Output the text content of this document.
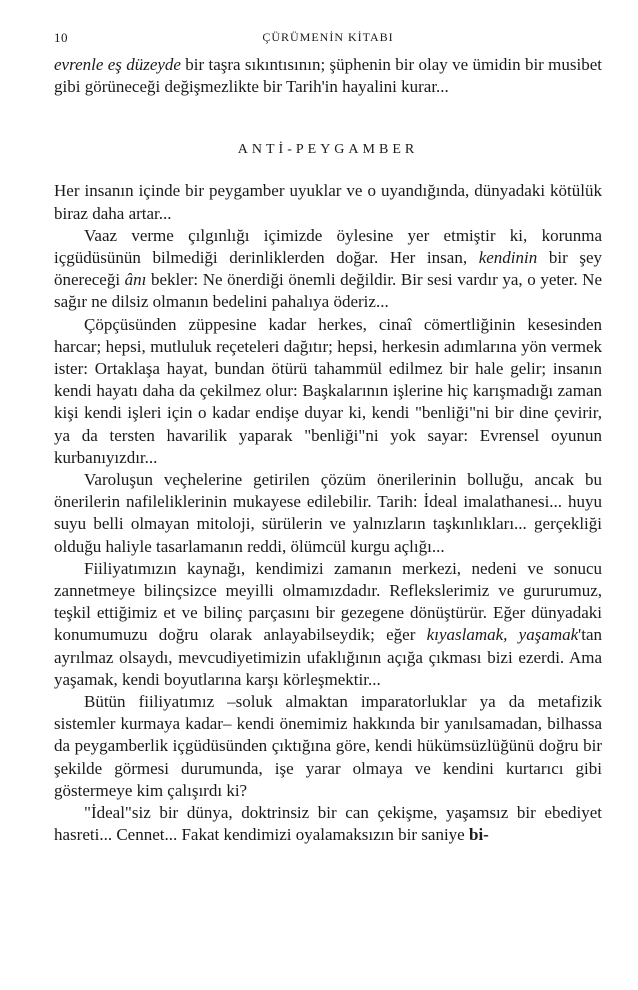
10	ÇÜRÜMENİN KİTABI

evrenle eş düzeyde bir taşra sıkıntısının; şüphenin bir olay ve ümidin bir musibet gibi görüneceği değişmezlikte bir Tarih'in hayalini kurar...

ANTİ-PEYGAMBER

Her insanın içinde bir peygamber uyuklar ve o uyandığında, dünyadaki kötülük biraz daha artar...

Vaaz verme çılgınlığı içimizde öylesine yer etmiştir ki, korunma içgüdüsünün bilmediği derinliklerden doğar. Her insan, kendinin bir şey önereceği ânı bekler: Ne önerdiği önemli değildir. Bir sesi vardır ya, o yeter. Ne sağır ne dilsiz olmanın bedelini pahalıya öderiz...

Çöpçüsünden züppesine kadar herkes, cinaî cömertliğinin kesesinden harcar; hepsi, mutluluk reçeteleri dağıtır; hepsi, herkesin adımlarına yön vermek ister: Ortaklaşa hayat, bundan ötürü tahammül edilmez bir hale gelir; insanın kendi hayatı daha da çekilmez olur: Başkalarının işlerine hiç karışmadığı zaman kişi kendi işleri için o kadar endişe duyar ki, kendi "benliği"ni bir dine çevirir, ya da tersten havarilik yaparak "benliği"ni yok sayar: Evrensel oyunun kurbanıyızdır...

Varoluşun veçhelerine getirilen çözüm önerilerinin bolluğu, ancak bu önerilerin nafileliklerinin mukayese edilebilir. Tarih: İdeal imalathanesi... huyu suyu belli olmayan mitoloji, sürülerin ve yalnızların taşkınlıkları... gerçekliği olduğu haliyle tasarlamanın reddi, ölümcül kurgu açlığı...

Fiiliyatımızın kaynağı, kendimizi zamanın merkezi, nedeni ve sonucu zannetmeye bilinçsizce meyilli olmamızdadır. Reflekslerimiz ve gururumuz, teşkil ettiğimiz et ve bilinç parçasını bir gezegene dönüştürür. Eğer dünyadaki konumumuzu doğru olarak anlayabilseydik; eğer kıyaslamak, yaşamak'tan ayrılmaz olsaydı, mevcudiyetimizin ufaklığının açığa çıkması bizi ezerdi. Ama yaşamak, kendi boyutlarına karşı körleşmektir...

Bütün fiiliyatımız –soluk almaktan imparatorluklar ya da metafizik sistemler kurmaya kadar– kendi önemimiz hakkında bir yanılsamadan, bilhassa da peygamberlik içgüdüsünden çıktığına göre, kendi hükümsüzlüğünü doğru bir şekilde görmesi durumunda, işe yarar olmaya ve kendini kurtarıcı gibi göstermeye kim çalışırdı ki?

"İdeal"siz bir dünya, doktrinsiz bir can çekişme, yaşamsız bir ebediyet hasreti... Cennet... Fakat kendimizi oyalamaksızın bir saniye bi-
